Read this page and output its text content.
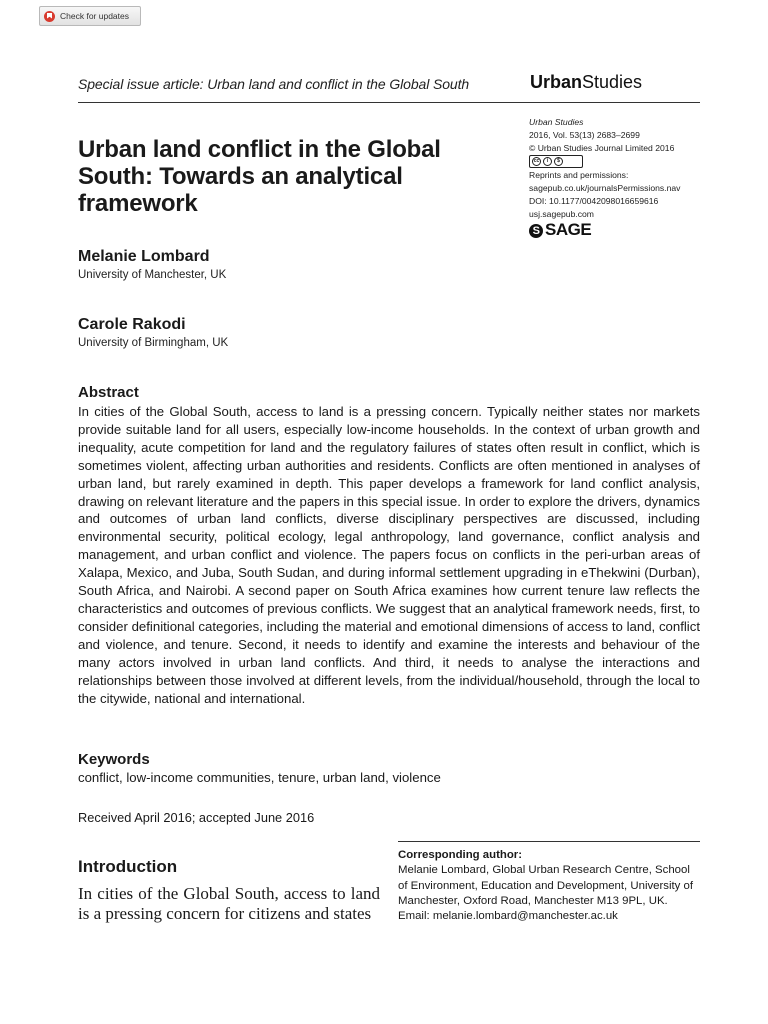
Check for updates
Special issue article: Urban land and conflict in the Global South	UrbanStudies
Urban Studies
2016, Vol. 53(13) 2683–2699
© Urban Studies Journal Limited 2016
cc	i	$
Reprints and permissions:
sagepub.co.uk/journalsPermissions.nav
DOI: 10.1177/0042098016659616
usj.sagepub.com
S SAGE
Urban land conflict in the Global South: Towards an analytical framework
Melanie Lombard
University of Manchester, UK
Carole Rakodi
University of Birmingham, UK
Abstract

In cities of the Global South, access to land is a pressing concern. Typically neither states nor markets provide suitable land for all users, especially low-income households. In the context of urban growth and inequality, acute competition for land and the regulatory failures of states often result in conflict, which is sometimes violent, affecting urban authorities and residents. Conflicts are often mentioned in analyses of urban land, but rarely examined in depth. This paper develops a framework for land conflict analysis, drawing on relevant literature and the papers in this special issue. In order to explore the drivers, dynamics and outcomes of urban land conflicts, diverse disciplinary perspectives are discussed, including environmental security, political ecology, legal anthropology, land governance, conflict analysis and management, and urban conflict and violence. The papers focus on conflicts in the peri-urban areas of Xalapa, Mexico, and Juba, South Sudan, and during informal settlement upgrading in eThekwini (Durban), South Africa, and Nairobi. A second paper on South Africa examines how current tenure law reflects the characteristics and outcomes of previous conflicts. We suggest that an analytical framework needs, first, to consider definitional categories, including the material and emotional dimensions of access to land, conflict and violence, and tenure. Second, it needs to identify and examine the interests and behaviour of the many actors involved in urban land conflicts. And third, it needs to analyse the interactions and relationships between those involved at different levels, from the individual/household, through the local to the citywide, national and international.

Keywords
conflict, low-income communities, tenure, urban land, violence
Received April 2016; accepted June 2016
Introduction

In cities of the Global South, access to land is a pressing concern for citizens and states

Corresponding author:
Melanie Lombard, Global Urban Research Centre, School of Environment, Education and Development, University of Manchester, Oxford Road, Manchester M13 9PL, UK.
Email: melanie.lombard@manchester.ac.uk
